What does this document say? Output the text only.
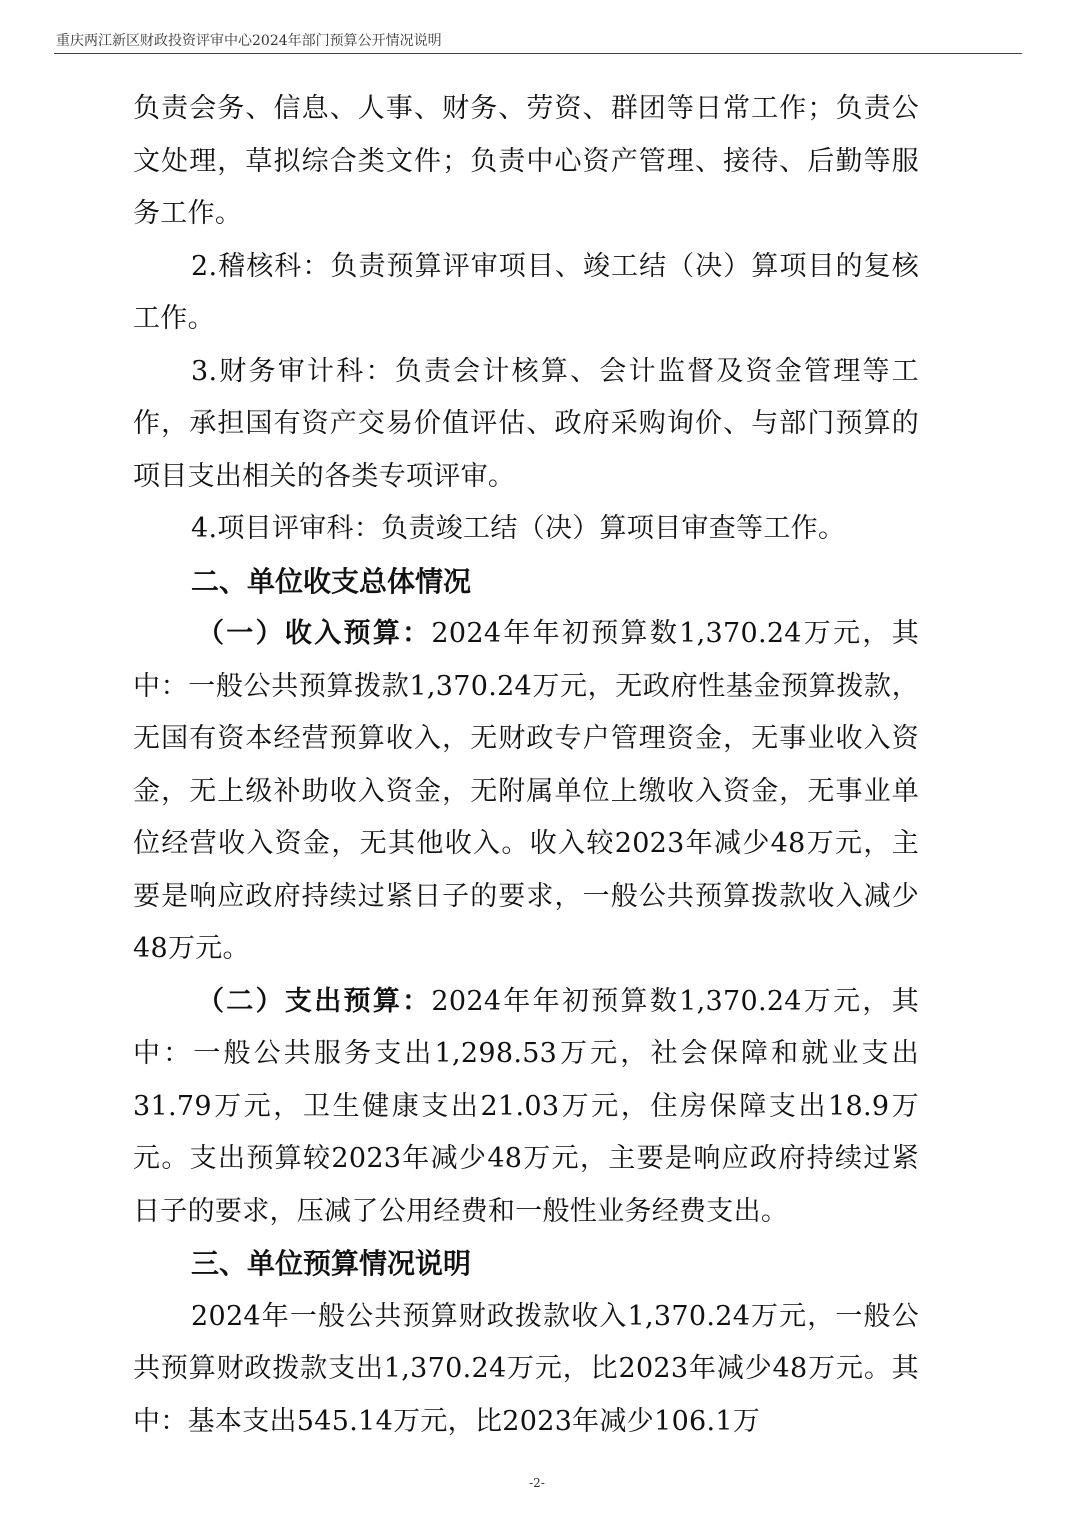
重庆两江新区财政投资评审中心2024年部门预算公开情况说明

负责会务、信息、人事、财务、劳资、群团等日常工作；负责公文处理，草拟综合类文件；负责中心资产管理、接待、后勤等服务工作。

2.稽核科：负责预算评审项目、竣工结（决）算项目的复核工作。

3.财务审计科：负责会计核算、会计监督及资金管理等工作，承担国有资产交易价值评估、政府采购询价、与部门预算的项目支出相关的各类专项评审。

4.项目评审科：负责竣工结（决）算项目审查等工作。

二、单位收支总体情况

（一）收入预算：2024年年初预算数1,370.24万元，其中：一般公共预算拨款1,370.24万元，无政府性基金预算拨款，无国有资本经营预算收入，无财政专户管理资金，无事业收入资金，无上级补助收入资金，无附属单位上缴收入资金，无事业单位经营收入资金，无其他收入。收入较2023年减少48万元，主要是响应政府持续过紧日子的要求，一般公共预算拨款收入减少48万元。

（二）支出预算：2024年年初预算数1,370.24万元，其中：一般公共服务支出1,298.53万元，社会保障和就业支出31.79万元，卫生健康支出21.03万元，住房保障支出18.9万元。支出预算较2023年减少48万元，主要是响应政府持续过紧日子的要求，压减了公用经费和一般性业务经费支出。

三、单位预算情况说明

2024年一般公共预算财政拨款收入1,370.24万元，一般公共预算财政拨款支出1,370.24万元，比2023年减少48万元。其中：基本支出545.14万元，比2023年减少106.1万

-2-
